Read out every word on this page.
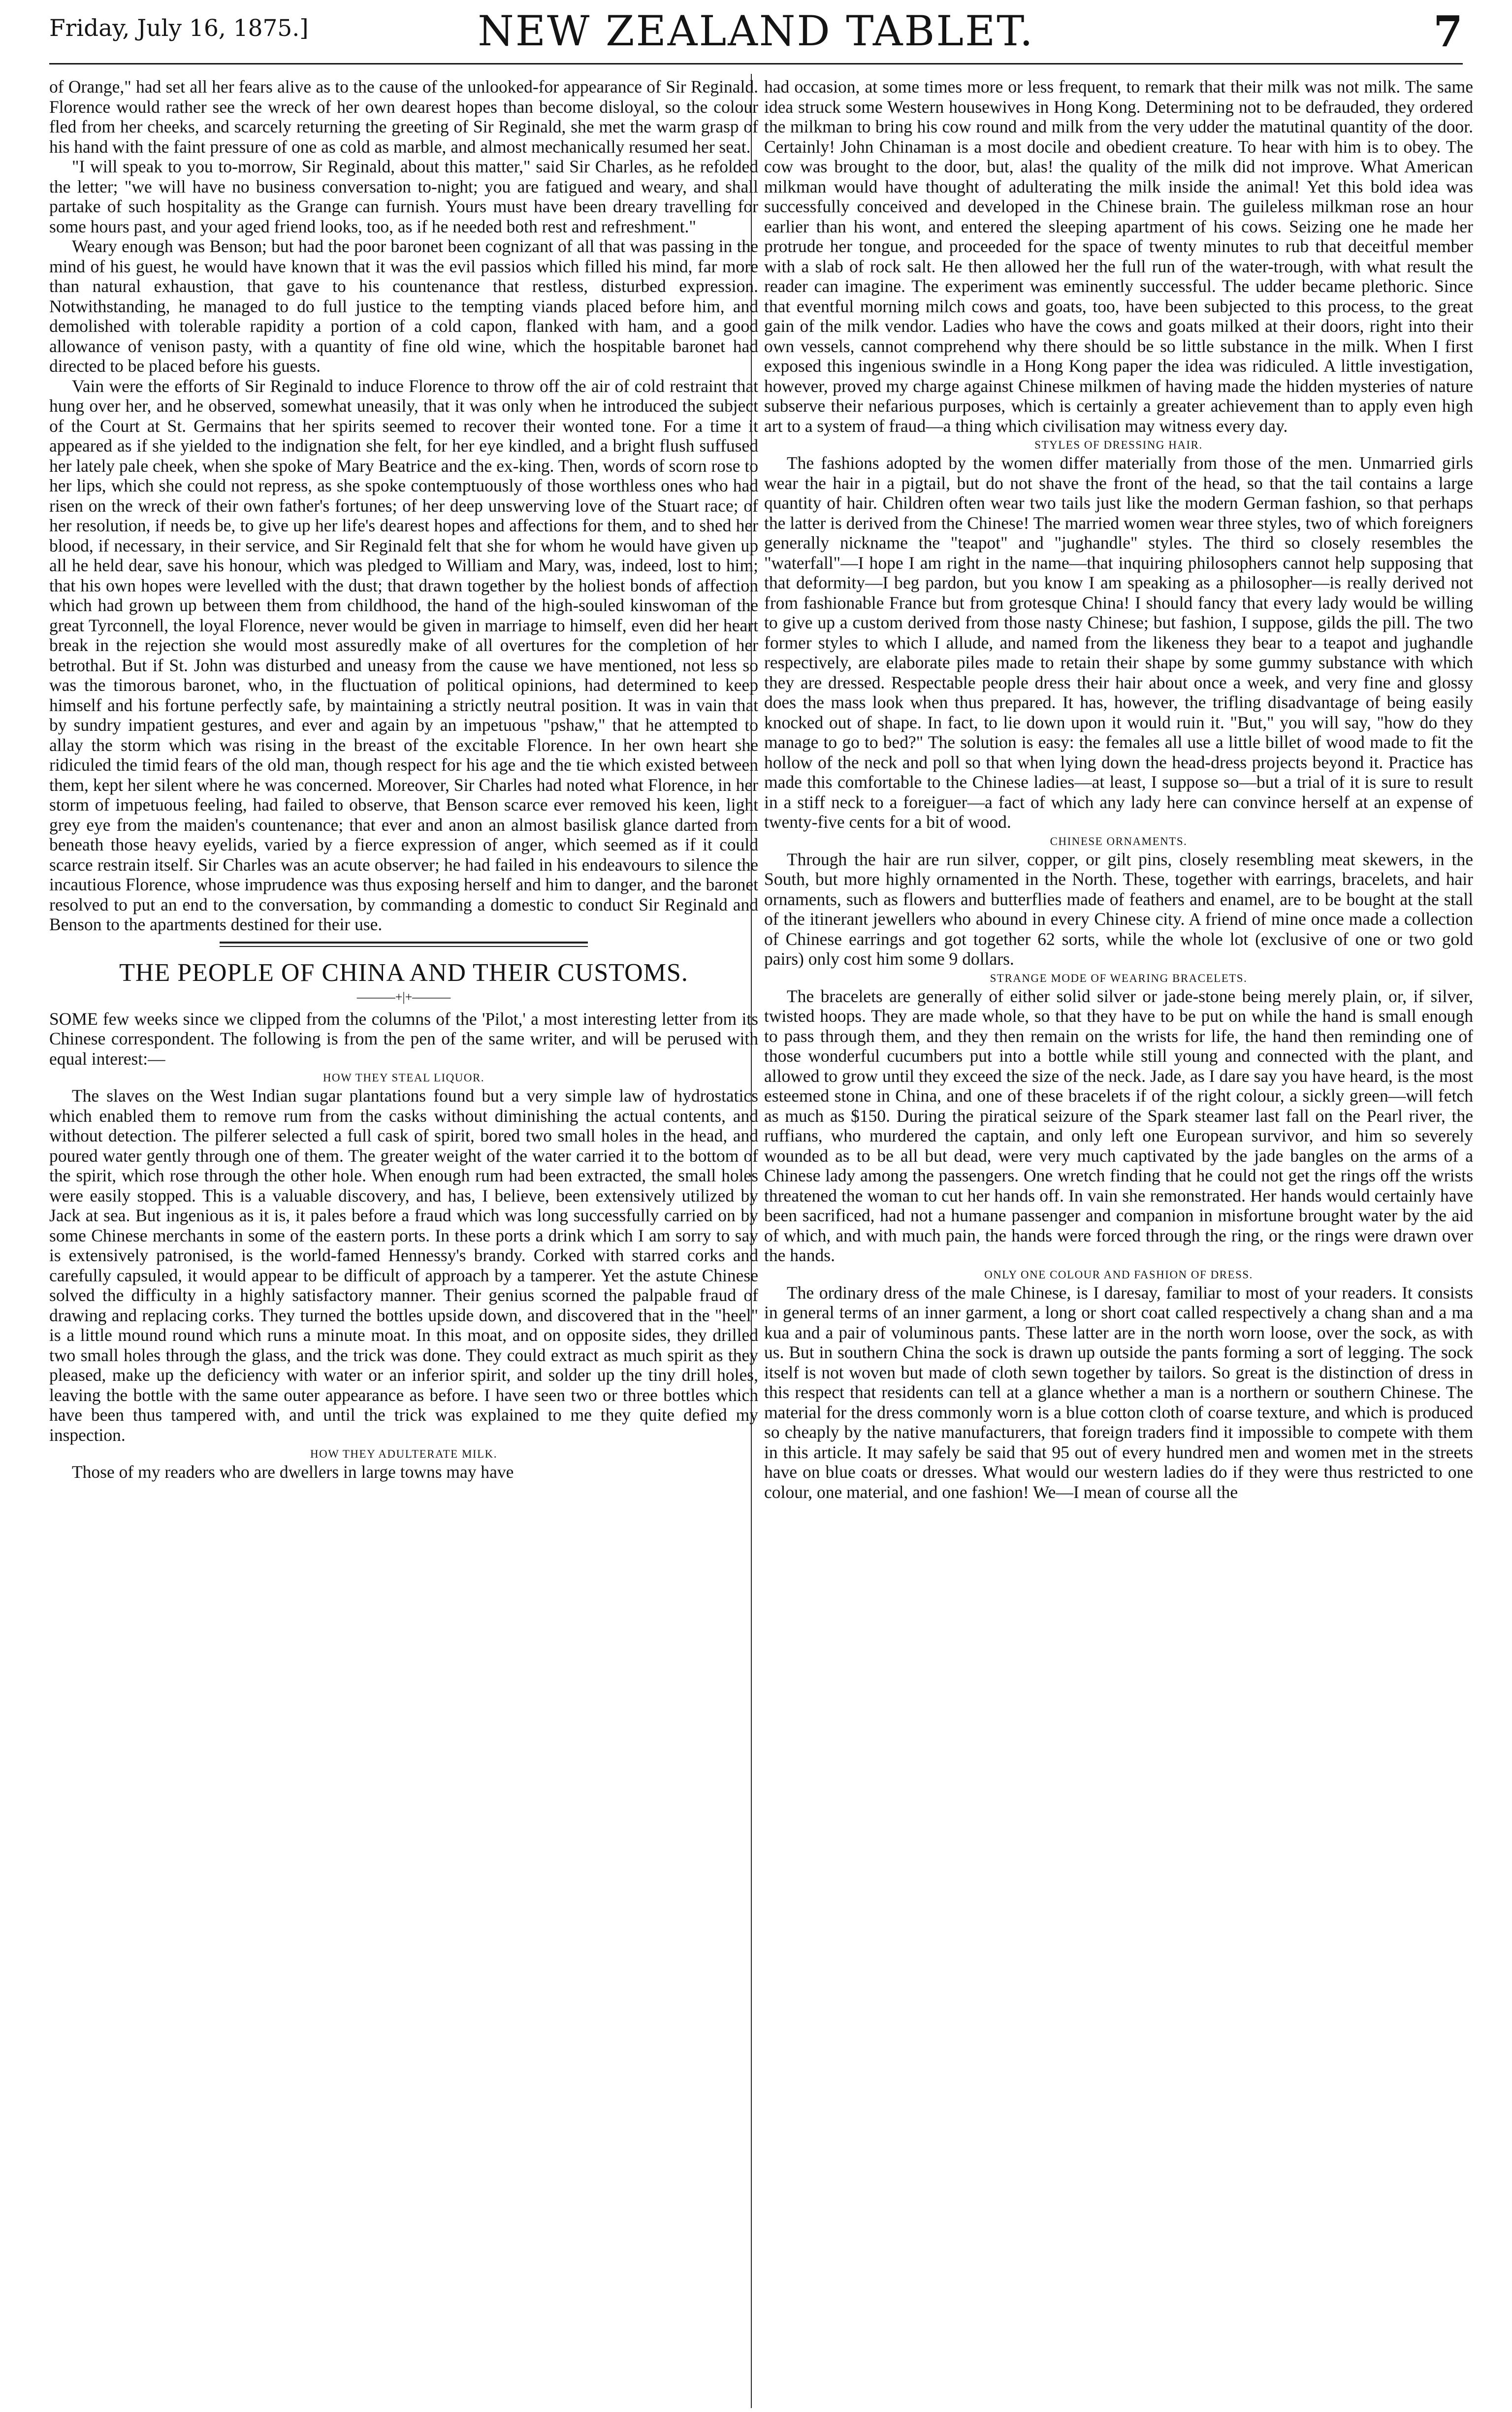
Friday, July 16, 1875.]	NEW ZEALAND TABLET.	7

of Orange," had set all her fears alive as to the cause of the unlooked-for appearance of Sir Reginald. Florence would rather see the wreck of her own dearest hopes than become disloyal, so the colour fled from her cheeks, and scarcely returning the greeting of Sir Reginald, she met the warm grasp of his hand with the faint pressure of one as cold as marble, and almost mechanically resumed her seat.

"I will speak to you to-morrow, Sir Reginald, about this matter," said Sir Charles, as he refolded the letter; "we will have no business conversation to-night; you are fatigued and weary, and shall partake of such hospitality as the Grange can furnish. Yours must have been dreary travelling for some hours past, and your aged friend looks, too, as if he needed both rest and refreshment."

Weary enough was Benson; but had the poor baronet been cognizant of all that was passing in the mind of his guest, he would have known that it was the evil passios which filled his mind, far more than natural exhaustion, that gave to his countenance that restless, disturbed expression. Notwithstanding, he managed to do full justice to the tempting viands placed before him, and demolished with tolerable rapidity a portion of a cold capon, flanked with ham, and a good allowance of venison pasty, with a quantity of fine old wine, which the hospitable baronet had directed to be placed before his guests.

Vain were the efforts of Sir Reginald to induce Florence to throw off the air of cold restraint that hung over her, and he observed, somewhat uneasily, that it was only when he introduced the subject of the Court at St. Germains that her spirits seemed to recover their wonted tone. For a time it appeared as if she yielded to the indignation she felt, for her eye kindled, and a bright flush suffused her lately pale cheek, when she spoke of Mary Beatrice and the ex-king. Then, words of scorn rose to her lips, which she could not repress, as she spoke contemptuously of those worthless ones who had risen on the wreck of their own father's fortunes; of her deep unswerving love of the Stuart race; of her resolution, if needs be, to give up her life's dearest hopes and affections for them, and to shed her blood, if necessary, in their service, and Sir Reginald felt that she for whom he would have given up all he held dear, save his honour, which was pledged to William and Mary, was, indeed, lost to him; that his own hopes were levelled with the dust; that drawn together by the holiest bonds of affection which had grown up between them from childhood, the hand of the high-souled kinswoman of the great Tyrconnell, the loyal Florence, never would be given in marriage to himself, even did her heart break in the rejection she would most assuredly make of all overtures for the completion of her betrothal. But if St. John was disturbed and uneasy from the cause we have mentioned, not less so was the timorous baronet, who, in the fluctuation of political opinions, had determined to keep himself and his fortune perfectly safe, by maintaining a strictly neutral position. It was in vain that by sundry impatient gestures, and ever and again by an impetuous "pshaw," that he attempted to allay the storm which was rising in the breast of the excitable Florence. In her own heart she ridiculed the timid fears of the old man, though respect for his age and the tie which existed between them, kept her silent where he was concerned. Moreover, Sir Charles had noted what Florence, in her storm of impetuous feeling, had failed to observe, that Benson scarce ever removed his keen, light grey eye from the maiden's countenance; that ever and anon an almost basilisk glance darted from beneath those heavy eyelids, varied by a fierce expression of anger, which seemed as if it could scarce restrain itself. Sir Charles was an acute observer; he had failed in his endeavours to silence the incautious Florence, whose imprudence was thus exposing herself and him to danger, and the baronet resolved to put an end to the conversation, by commanding a domestic to conduct Sir Reginald and Benson to the apartments destined for their use.

THE PEOPLE OF CHINA AND THEIR CUSTOMS.
———+|+———

SOME few weeks since we clipped from the columns of the 'Pilot,' a most interesting letter from its Chinese correspondent. The following is from the pen of the same writer, and will be perused with equal interest:—

HOW THEY STEAL LIQUOR.

The slaves on the West Indian sugar plantations found but a very simple law of hydrostatics which enabled them to remove rum from the casks without diminishing the actual contents, and without detection. The pilferer selected a full cask of spirit, bored two small holes in the head, and poured water gently through one of them. The greater weight of the water carried it to the bottom of the spirit, which rose through the other hole. When enough rum had been extracted, the small holes were easily stopped. This is a valuable discovery, and has, I believe, been extensively utilized by Jack at sea. But ingenious as it is, it pales before a fraud which was long successfully carried on by some Chinese merchants in some of the eastern ports. In these ports a drink which I am sorry to say is extensively patronised, is the world-famed Hennessy's brandy. Corked with starred corks and carefully capsuled, it would appear to be difficult of approach by a tamperer. Yet the astute Chinese solved the difficulty in a highly satisfactory manner. Their genius scorned the palpable fraud of drawing and replacing corks. They turned the bottles upside down, and discovered that in the "heel" is a little mound round which runs a minute moat. In this moat, and on opposite sides, they drilled two small holes through the glass, and the trick was done. They could extract as much spirit as they pleased, make up the deficiency with water or an inferior spirit, and solder up the tiny drill holes, leaving the bottle with the same outer appearance as before. I have seen two or three bottles which have been thus tampered with, and until the trick was explained to me they quite defied my inspection.

HOW THEY ADULTERATE MILK.

Those of my readers who are dwellers in large towns may have

had occasion, at some times more or less frequent, to remark that their milk was not milk. The same idea struck some Western housewives in Hong Kong. Determining not to be defrauded, they ordered the milkman to bring his cow round and milk from the very udder the matutinal quantity of the door. Certainly! John Chinaman is a most docile and obedient creature. To hear with him is to obey. The cow was brought to the door, but, alas! the quality of the milk did not improve. What American milkman would have thought of adulterating the milk inside the animal! Yet this bold idea was successfully conceived and developed in the Chinese brain. The guileless milkman rose an hour earlier than his wont, and entered the sleeping apartment of his cows. Seizing one he made her protrude her tongue, and proceeded for the space of twenty minutes to rub that deceitful member with a slab of rock salt. He then allowed her the full run of the water-trough, with what result the reader can imagine. The experiment was eminently successful. The udder became plethoric. Since that eventful morning milch cows and goats, too, have been subjected to this process, to the great gain of the milk vendor. Ladies who have the cows and goats milked at their doors, right into their own vessels, cannot comprehend why there should be so little substance in the milk. When I first exposed this ingenious swindle in a Hong Kong paper the idea was ridiculed. A little investigation, however, proved my charge against Chinese milkmen of having made the hidden mysteries of nature subserve their nefarious purposes, which is certainly a greater achievement than to apply even high art to a system of fraud—a thing which civilisation may witness every day.

STYLES OF DRESSING HAIR.

The fashions adopted by the women differ materially from those of the men. Unmarried girls wear the hair in a pigtail, but do not shave the front of the head, so that the tail contains a large quantity of hair. Children often wear two tails just like the modern German fashion, so that perhaps the latter is derived from the Chinese! The married women wear three styles, two of which foreigners generally nickname the "teapot" and "jughandle" styles. The third so closely resembles the "waterfall"—I hope I am right in the name—that inquiring philosophers cannot help supposing that that deformity—I beg pardon, but you know I am speaking as a philosopher—is really derived not from fashionable France but from grotesque China! I should fancy that every lady would be willing to give up a custom derived from those nasty Chinese; but fashion, I suppose, gilds the pill. The two former styles to which I allude, and named from the likeness they bear to a teapot and jughandle respectively, are elaborate piles made to retain their shape by some gummy substance with which they are dressed. Respectable people dress their hair about once a week, and very fine and glossy does the mass look when thus prepared. It has, however, the trifling disadvantage of being easily knocked out of shape. In fact, to lie down upon it would ruin it. "But," you will say, "how do they manage to go to bed?" The solution is easy: the females all use a little billet of wood made to fit the hollow of the neck and poll so that when lying down the head-dress projects beyond it. Practice has made this comfortable to the Chinese ladies—at least, I suppose so—but a trial of it is sure to result in a stiff neck to a foreiguer—a fact of which any lady here can convince herself at an expense of twenty-five cents for a bit of wood.

CHINESE ORNAMENTS.

Through the hair are run silver, copper, or gilt pins, closely resembling meat skewers, in the South, but more highly ornamented in the North. These, together with earrings, bracelets, and hair ornaments, such as flowers and butterflies made of feathers and enamel, are to be bought at the stall of the itinerant jewellers who abound in every Chinese city. A friend of mine once made a collection of Chinese earrings and got together 62 sorts, while the whole lot (exclusive of one or two gold pairs) only cost him some 9 dollars.

STRANGE MODE OF WEARING BRACELETS.

The bracelets are generally of either solid silver or jade-stone being merely plain, or, if silver, twisted hoops. They are made whole, so that they have to be put on while the hand is small enough to pass through them, and they then remain on the wrists for life, the hand then reminding one of those wonderful cucumbers put into a bottle while still young and connected with the plant, and allowed to grow until they exceed the size of the neck. Jade, as I dare say you have heard, is the most esteemed stone in China, and one of these bracelets if of the right colour, a sickly green—will fetch as much as $150. During the piratical seizure of the Spark steamer last fall on the Pearl river, the ruffians, who murdered the captain, and only left one European survivor, and him so severely wounded as to be all but dead, were very much captivated by the jade bangles on the arms of a Chinese lady among the passengers. One wretch finding that he could not get the rings off the wrists threatened the woman to cut her hands off. In vain she remonstrated. Her hands would certainly have been sacrificed, had not a humane passenger and companion in misfortune brought water by the aid of which, and with much pain, the hands were forced through the ring, or the rings were drawn over the hands.

ONLY ONE COLOUR AND FASHION OF DRESS.

The ordinary dress of the male Chinese, is I daresay, familiar to most of your readers. It consists in general terms of an inner garment, a long or short coat called respectively a chang shan and a ma kua and a pair of voluminous pants. These latter are in the north worn loose, over the sock, as with us. But in southern China the sock is drawn up outside the pants forming a sort of legging. The sock itself is not woven but made of cloth sewn together by tailors. So great is the distinction of dress in this respect that residents can tell at a glance whether a man is a northern or southern Chinese. The material for the dress commonly worn is a blue cotton cloth of coarse texture, and which is produced so cheaply by the native manufacturers, that foreign traders find it impossible to compete with them in this article. It may safely be said that 95 out of every hundred men and women met in the streets have on blue coats or dresses. What would our western ladies do if they were thus restricted to one colour, one material, and one fashion! We—I mean of course all the
